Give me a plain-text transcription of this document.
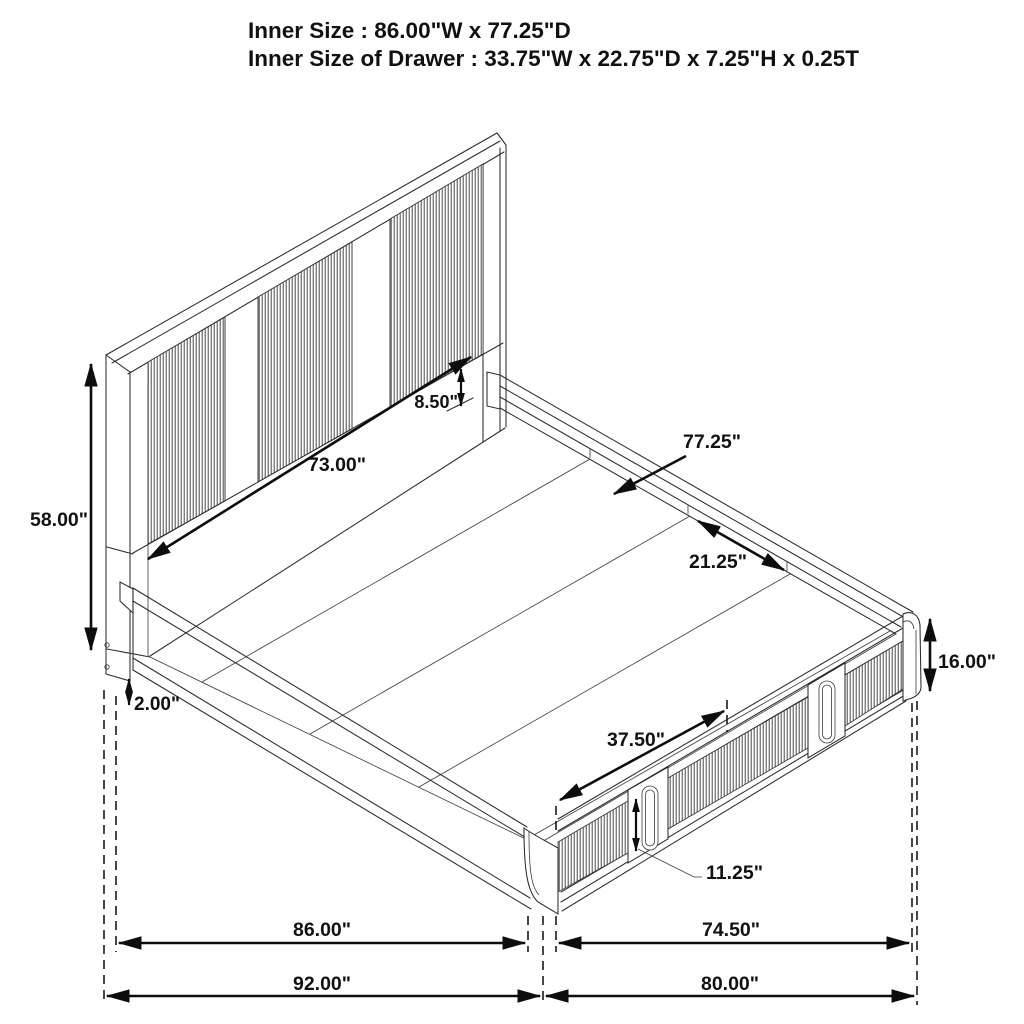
Inner Size : 86.00"W x 77.25"D
Inner Size of Drawer : 33.75"W x 22.75"D x 7.25"H x 0.25T
58.00"
73.00"
8.50"
77.25"
21.25"
16.00"
2.00"
37.50"
11.25"
86.00"	74.50"
92.00"	80.00"
